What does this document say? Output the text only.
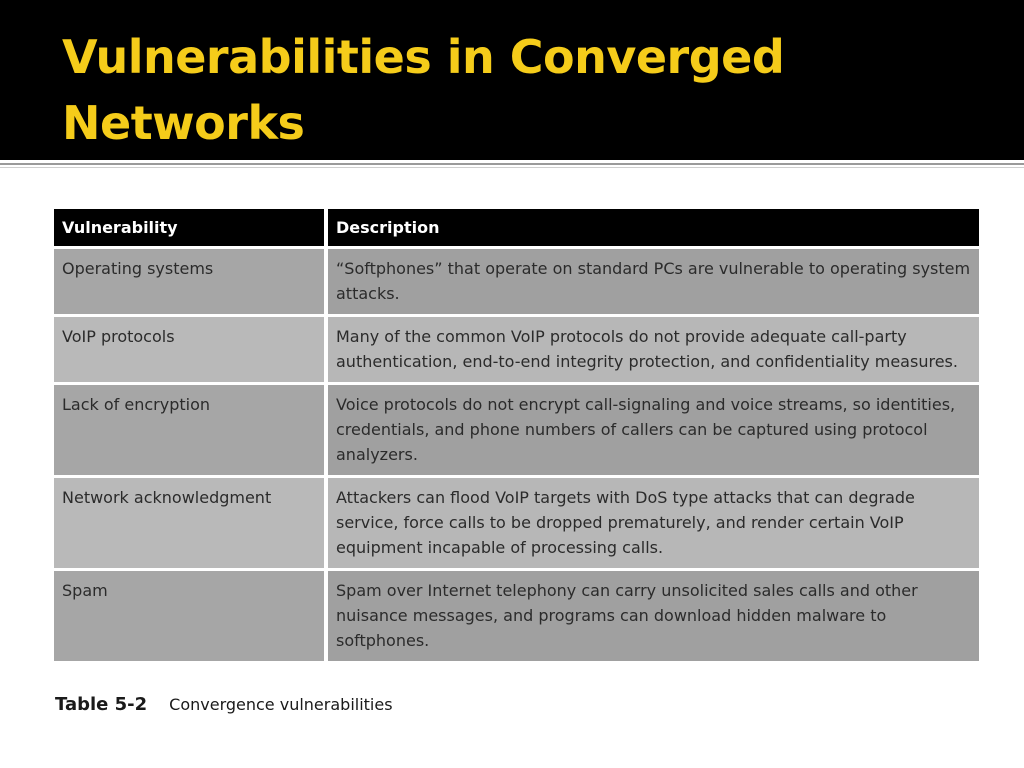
Vulnerabilities in Converged Networks
Vulnerability	Description
Operating systems	“Softphones” that operate on standard PCs are vulnerable to operating system attacks.
VoIP protocols	Many of the common VoIP protocols do not provide adequate call-party authentication, end-to-end integrity protection, and confidentiality measures.
Lack of encryption	Voice protocols do not encrypt call-signaling and voice streams, so identities, credentials, and phone numbers of callers can be captured using protocol analyzers.
Network acknowledgment	Attackers can flood VoIP targets with DoS type attacks that can degrade service, force calls to be dropped prematurely, and render certain VoIP equipment incapable of processing calls.
Spam	Spam over Internet telephony can carry unsolicited sales calls and other nuisance messages, and programs can download hidden malware to softphones.
Table 5-2 Convergence vulnerabilities
